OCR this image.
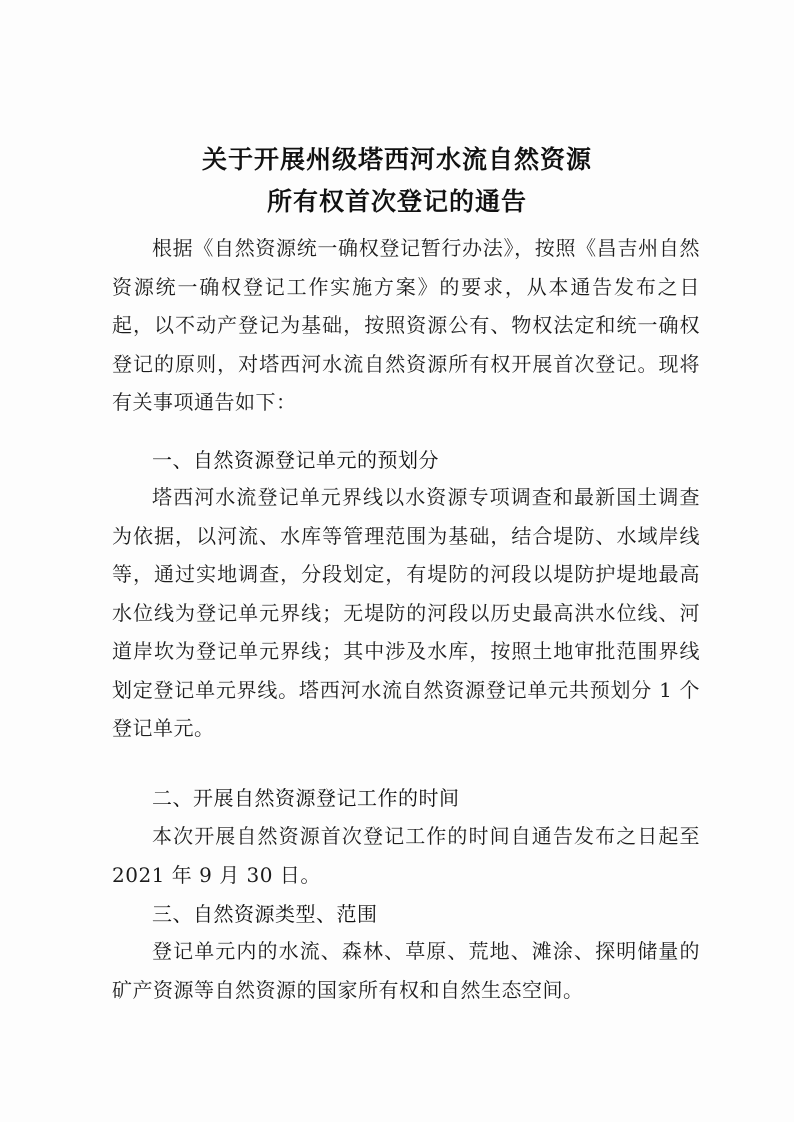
关于开展州级塔西河水流自然资源
所有权首次登记的通告
根据《自然资源统一确权登记暂行办法》，按照《昌吉州自然资源统一确权登记工作实施方案》的要求，从本通告发布之日起，以不动产登记为基础，按照资源公有、物权法定和统一确权登记的原则，对塔西河水流自然资源所有权开展首次登记。现将有关事项通告如下：
一、自然资源登记单元的预划分
塔西河水流登记单元界线以水资源专项调查和最新国土调查为依据，以河流、水库等管理范围为基础，结合堤防、水域岸线等，通过实地调查，分段划定，有堤防的河段以堤防护堤地最高水位线为登记单元界线；无堤防的河段以历史最高洪水位线、河道岸坎为登记单元界线；其中涉及水库，按照土地审批范围界线划定登记单元界线。塔西河水流自然资源登记单元共预划分 1 个登记单元。
二、开展自然资源登记工作的时间
本次开展自然资源首次登记工作的时间自通告发布之日起至 2021 年 9 月 30 日。
三、自然资源类型、范围
登记单元内的水流、森林、草原、荒地、滩涂、探明储量的矿产资源等自然资源的国家所有权和自然生态空间。
